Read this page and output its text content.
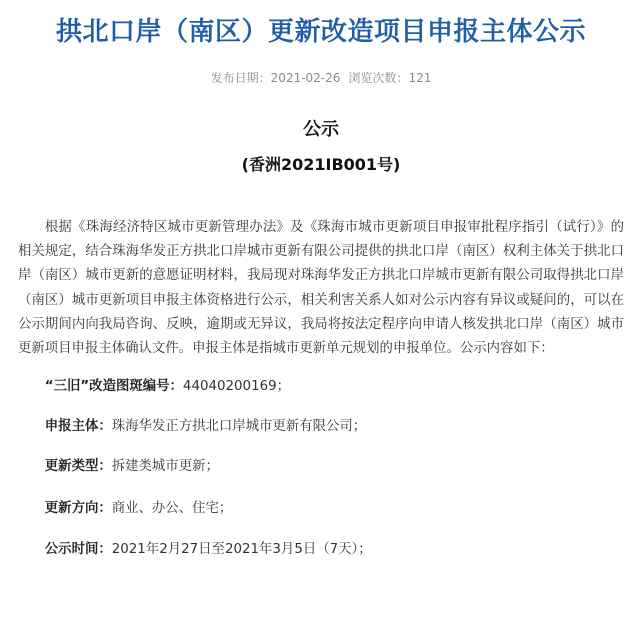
拱北口岸（南区）更新改造项目申报主体公示
发布日期：2021-02-26 浏览次数：121
公示
(香洲2021IB001号)

根据《珠海经济特区城市更新管理办法》及《珠海市城市更新项目申报审批程序指引（试行）》的相关规定，结合珠海华发正方拱北口岸城市更新有限公司提供的拱北口岸（南区）权利主体关于拱北口岸（南区）城市更新的意愿证明材料，我局现对珠海华发正方拱北口岸城市更新有限公司取得拱北口岸（南区）城市更新项目申报主体资格进行公示，相关利害关系人如对公示内容有异议或疑问的，可以在公示期间内向我局咨询、反映，逾期或无异议，我局将按法定程序向申请人核发拱北口岸（南区）城市更新项目申报主体确认文件。申报主体是指城市更新单元规划的申报单位。公示内容如下：

“三旧”改造图斑编号：44040200169；
申报主体：珠海华发正方拱北口岸城市更新有限公司；
更新类型：拆建类城市更新；
更新方向：商业、办公、住宅；
公示时间：2021年2月27日至2021年3月5日（7天）；
